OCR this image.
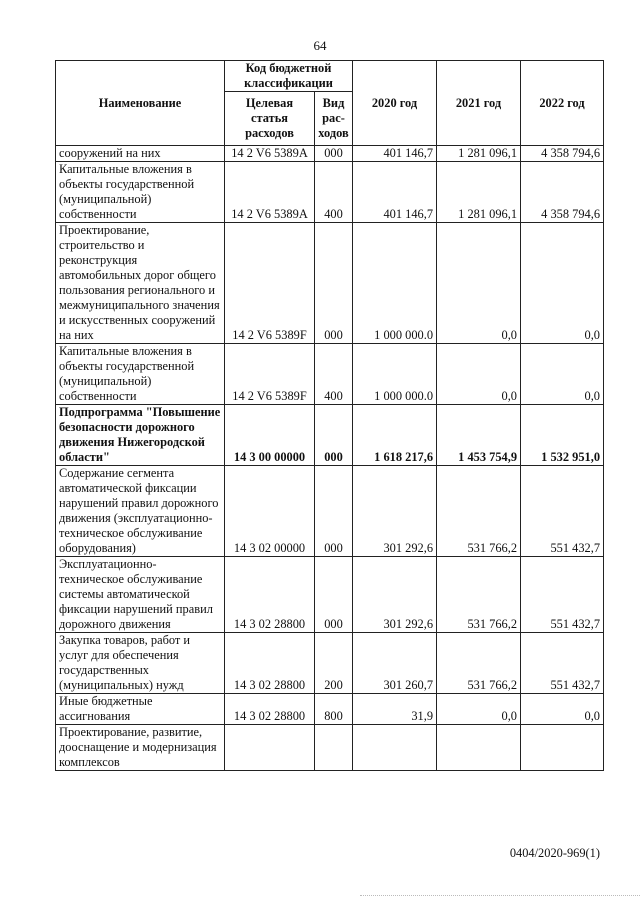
64
Наименование	Код бюджетной классификации		2020 год	2021 год	2022 год
	Целевая статья расходов	Вид рас-ходов			
сооружений на них	14 2 V6 5389A	000	401 146,7	1 281 096,1	4 358 794,6
Капитальные вложения в объекты государственной (муниципальной) собственности	14 2 V6 5389A	400	401 146,7	1 281 096,1	4 358 794,6
Проектирование, строительство и реконструкция автомобильных дорог общего пользования регионального и межмуниципального значения и искусственных сооружений на них	14 2 V6 5389F	000	1 000 000.0	0,0	0,0
Капитальные вложения в объекты государственной (муниципальной) собственности	14 2 V6 5389F	400	1 000 000.0	0,0	0,0
Подпрограмма "Повышение безопасности дорожного движения Нижегородской области"	14 3 00 00000	000	1 618 217,6	1 453 754,9	1 532 951,0
Содержание сегмента автоматической фиксации нарушений правил дорожного движения (эксплуатационно-техническое обслуживание оборудования)	14 3 02 00000	000	301 292,6	531 766,2	551 432,7
Эксплуатационно-техническое обслуживание системы автоматической фиксации нарушений правил дорожного движения	14 3 02 28800	000	301 292,6	531 766,2	551 432,7
Закупка товаров, работ и услуг для обеспечения государственных (муниципальных) нужд	14 3 02 28800	200	301 260,7	531 766,2	551 432,7
Иные бюджетные ассигнования	14 3 02 28800	800	31,9	0,0	0,0
Проектирование, развитие, дооснащение и модернизация комплексов					
0404/2020-969(1)
